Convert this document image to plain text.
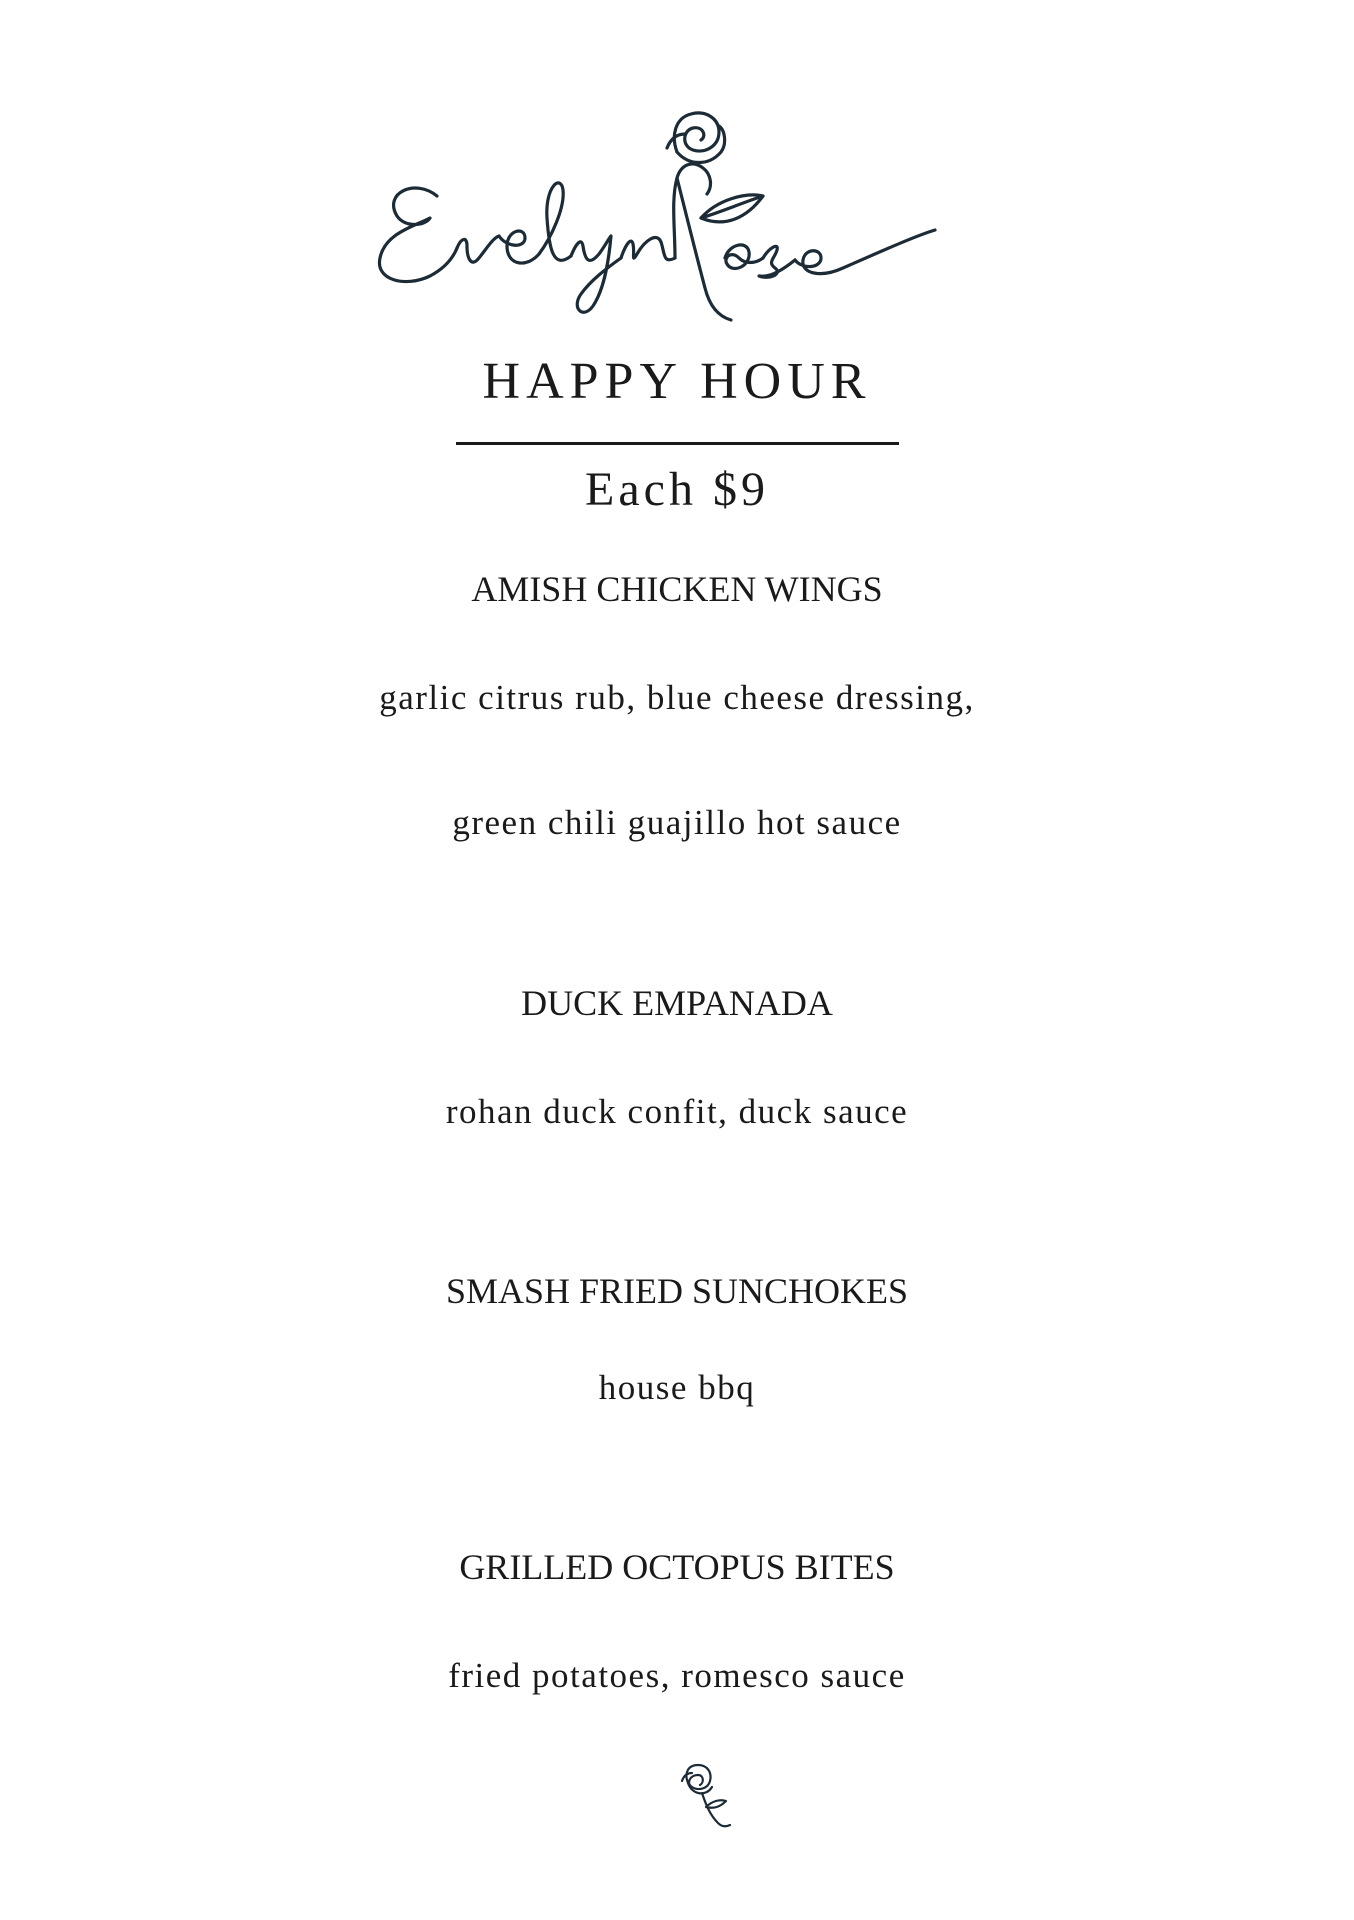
HAPPY HOUR
Each $9
AMISH CHICKEN WINGS
garlic citrus rub, blue cheese dressing,
green chili guajillo hot sauce
DUCK EMPANADA
rohan duck confit, duck sauce
SMASH FRIED SUNCHOKES
house bbq
GRILLED OCTOPUS BITES
fried potatoes, romesco sauce
